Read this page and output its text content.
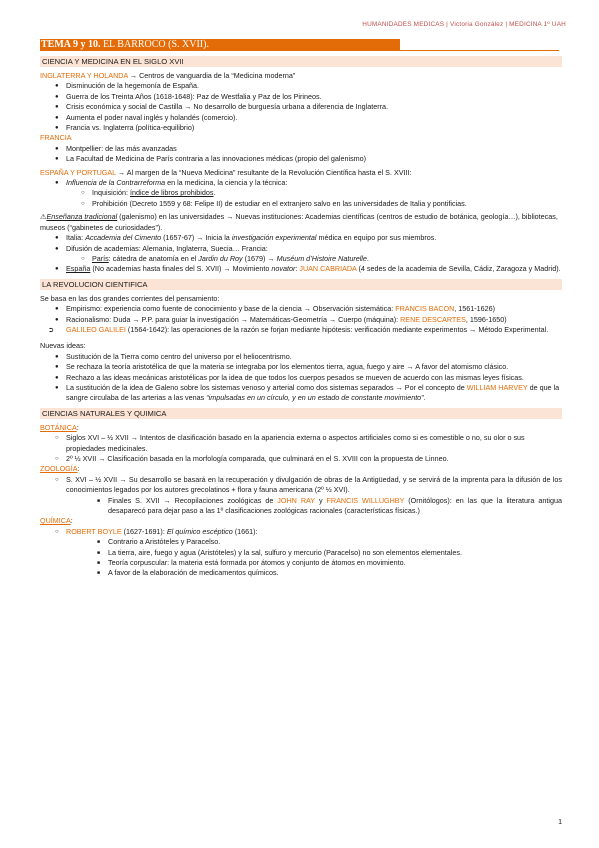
HUMANIDADES MEDICAS | Victoria González | MEDICINA 1º UAH
TEMA 9 y 10. EL BARROCO (S. XVII).
CIENCIA Y MEDICINA EN EL SIGLO XVII

INGLATERRA Y HOLANDA → Centros de vanguardia de la “Medicina moderna”

● Disminución de la hegemonía de España.
● Guerra de los Treinta Años (1618-1648): Paz de Westfalia y Paz de los Pirineos.
● Crisis económica y social de Castilla → No desarrollo de burguesía urbana a diferencia de Inglaterra.
● Aumenta el poder naval inglés y holandés (comercio).
● Francia vs. Inglaterra (política-equilibrio)

FRANCIA

● Montpellier: de las más avanzadas
● La Facultad de Medicina de París contraria a las innovaciones médicas (propio del galenismo)

ESPAÑA Y PORTUGAL → Al margen de la “Nueva Medicina” resultante de la Revolución Científica hasta el S. XVIII:

● Influencia de la Contrarreforma en la medicina, la ciencia y la técnica:
○ Inquisición: índice de libros prohibidos.
○ Prohibición (Decreto 1559 y 68: Felipe II) de estudiar en el extranjero salvo en las universidades de Italia y pontificias.

⚠Enseñanza tradicional (galenismo) en las universidades → Nuevas instituciones: Academias científicas (centros de estudio de botánica, geología…), bibliotecas, museos (“gabinetes de curiosidades”).

● Italia: Accademia del Cimento (1657-67) → Inicia la investigación experimental médica en equipo por sus miembros.
● Difusión de academias: Alemania, Inglaterra, Suecia… Francia:
○ París: cátedra de anatomía en el Jardin du Roy (1679) → Muséum d’Histoire Naturelle.
● España (No academias hasta finales del S. XVII) → Movimiento novator: JUAN CABRIADA (4 sedes de la academia de Sevilla, Cádiz, Zaragoza y Madrid).
LA REVOLUCION CIENTIFICA

Se basa en las dos grandes corrientes del pensamiento:

● Empirismo: experiencia como fuente de conocimiento y base de la ciencia → Observación sistemática: FRANCIS BACON, 1561-1626)
● Racionalismo: Duda → P.P. para guiar la investigación → Matemáticas-Geometría → Cuerpo (máquina): RENE DESCARTES, 1596-1650)
➲ GALILEO GALILEI (1564-1642): las operaciones de la razón se forjan mediante hipótesis: verificación mediante experimentos → Método Experimental.

Nuevas ideas:

● Sustitución de la Tierra como centro del universo por el heliocentrismo.
● Se rechaza la teoría aristotélica de que la materia se integraba por los elementos tierra, agua, fuego y aire → A favor del atomismo clásico.
● Rechazo a las ideas mecánicas aristotélicas por la idea de que todos los cuerpos pesados se mueven de acuerdo con las mismas leyes físicas.
● La sustitución de la idea de Galeno sobre los sistemas venoso y arterial como dos sistemas separados → Por el concepto de WILLIAM HARVEY de que la sangre circulaba de las arterias a las venas “impulsadas en un círculo, y en un estado de constante movimiento”.
CIENCIAS NATURALES Y QUIMICA

BOTÁNICA:

○ Siglos XVI – ½ XVII → Intentos de clasificación basado en la apariencia externa o aspectos artificiales como si es comestible o no, su olor o sus propiedades medicinales.
○ 2º ½ XVII → Clasificación basada en la morfología comparada, que culminará en el S. XVIII con la propuesta de Linneo.

ZOOLOGÍA:

○ S. XVI – ½ XVII → Su desarrollo se basará en la recuperación y divulgación de obras de la Antigüedad, y se servirá de la imprenta para la difusión de los conocimientos legados por los autores grecolatinos + flora y fauna americana (2º ½ XVI).
■ Finales S. XVII → Recopilaciones zoológicas de JOHN RAY y FRANCIS WILLUGHBY (Ornitólogos): en las que la literatura antigua desaparecó para dejar paso a las 1º clasificaciones zoológicas racionales (características físicas.)

QUÍMICA:

○ ROBERT BOYLE (1627-1691): El químico escéptico (1661):
■ Contrario a Aristóteles y Paracelso.
■ La tierra, aire, fuego y agua (Aristóteles) y la sal, sulfuro y mercurio (Paracelso) no son elementos elementales.
■ Teoría corpuscular: la materia está formada por átomos y conjunto de átomos en movimiento.
■ A favor de la elaboración de medicamentos químicos.
1
